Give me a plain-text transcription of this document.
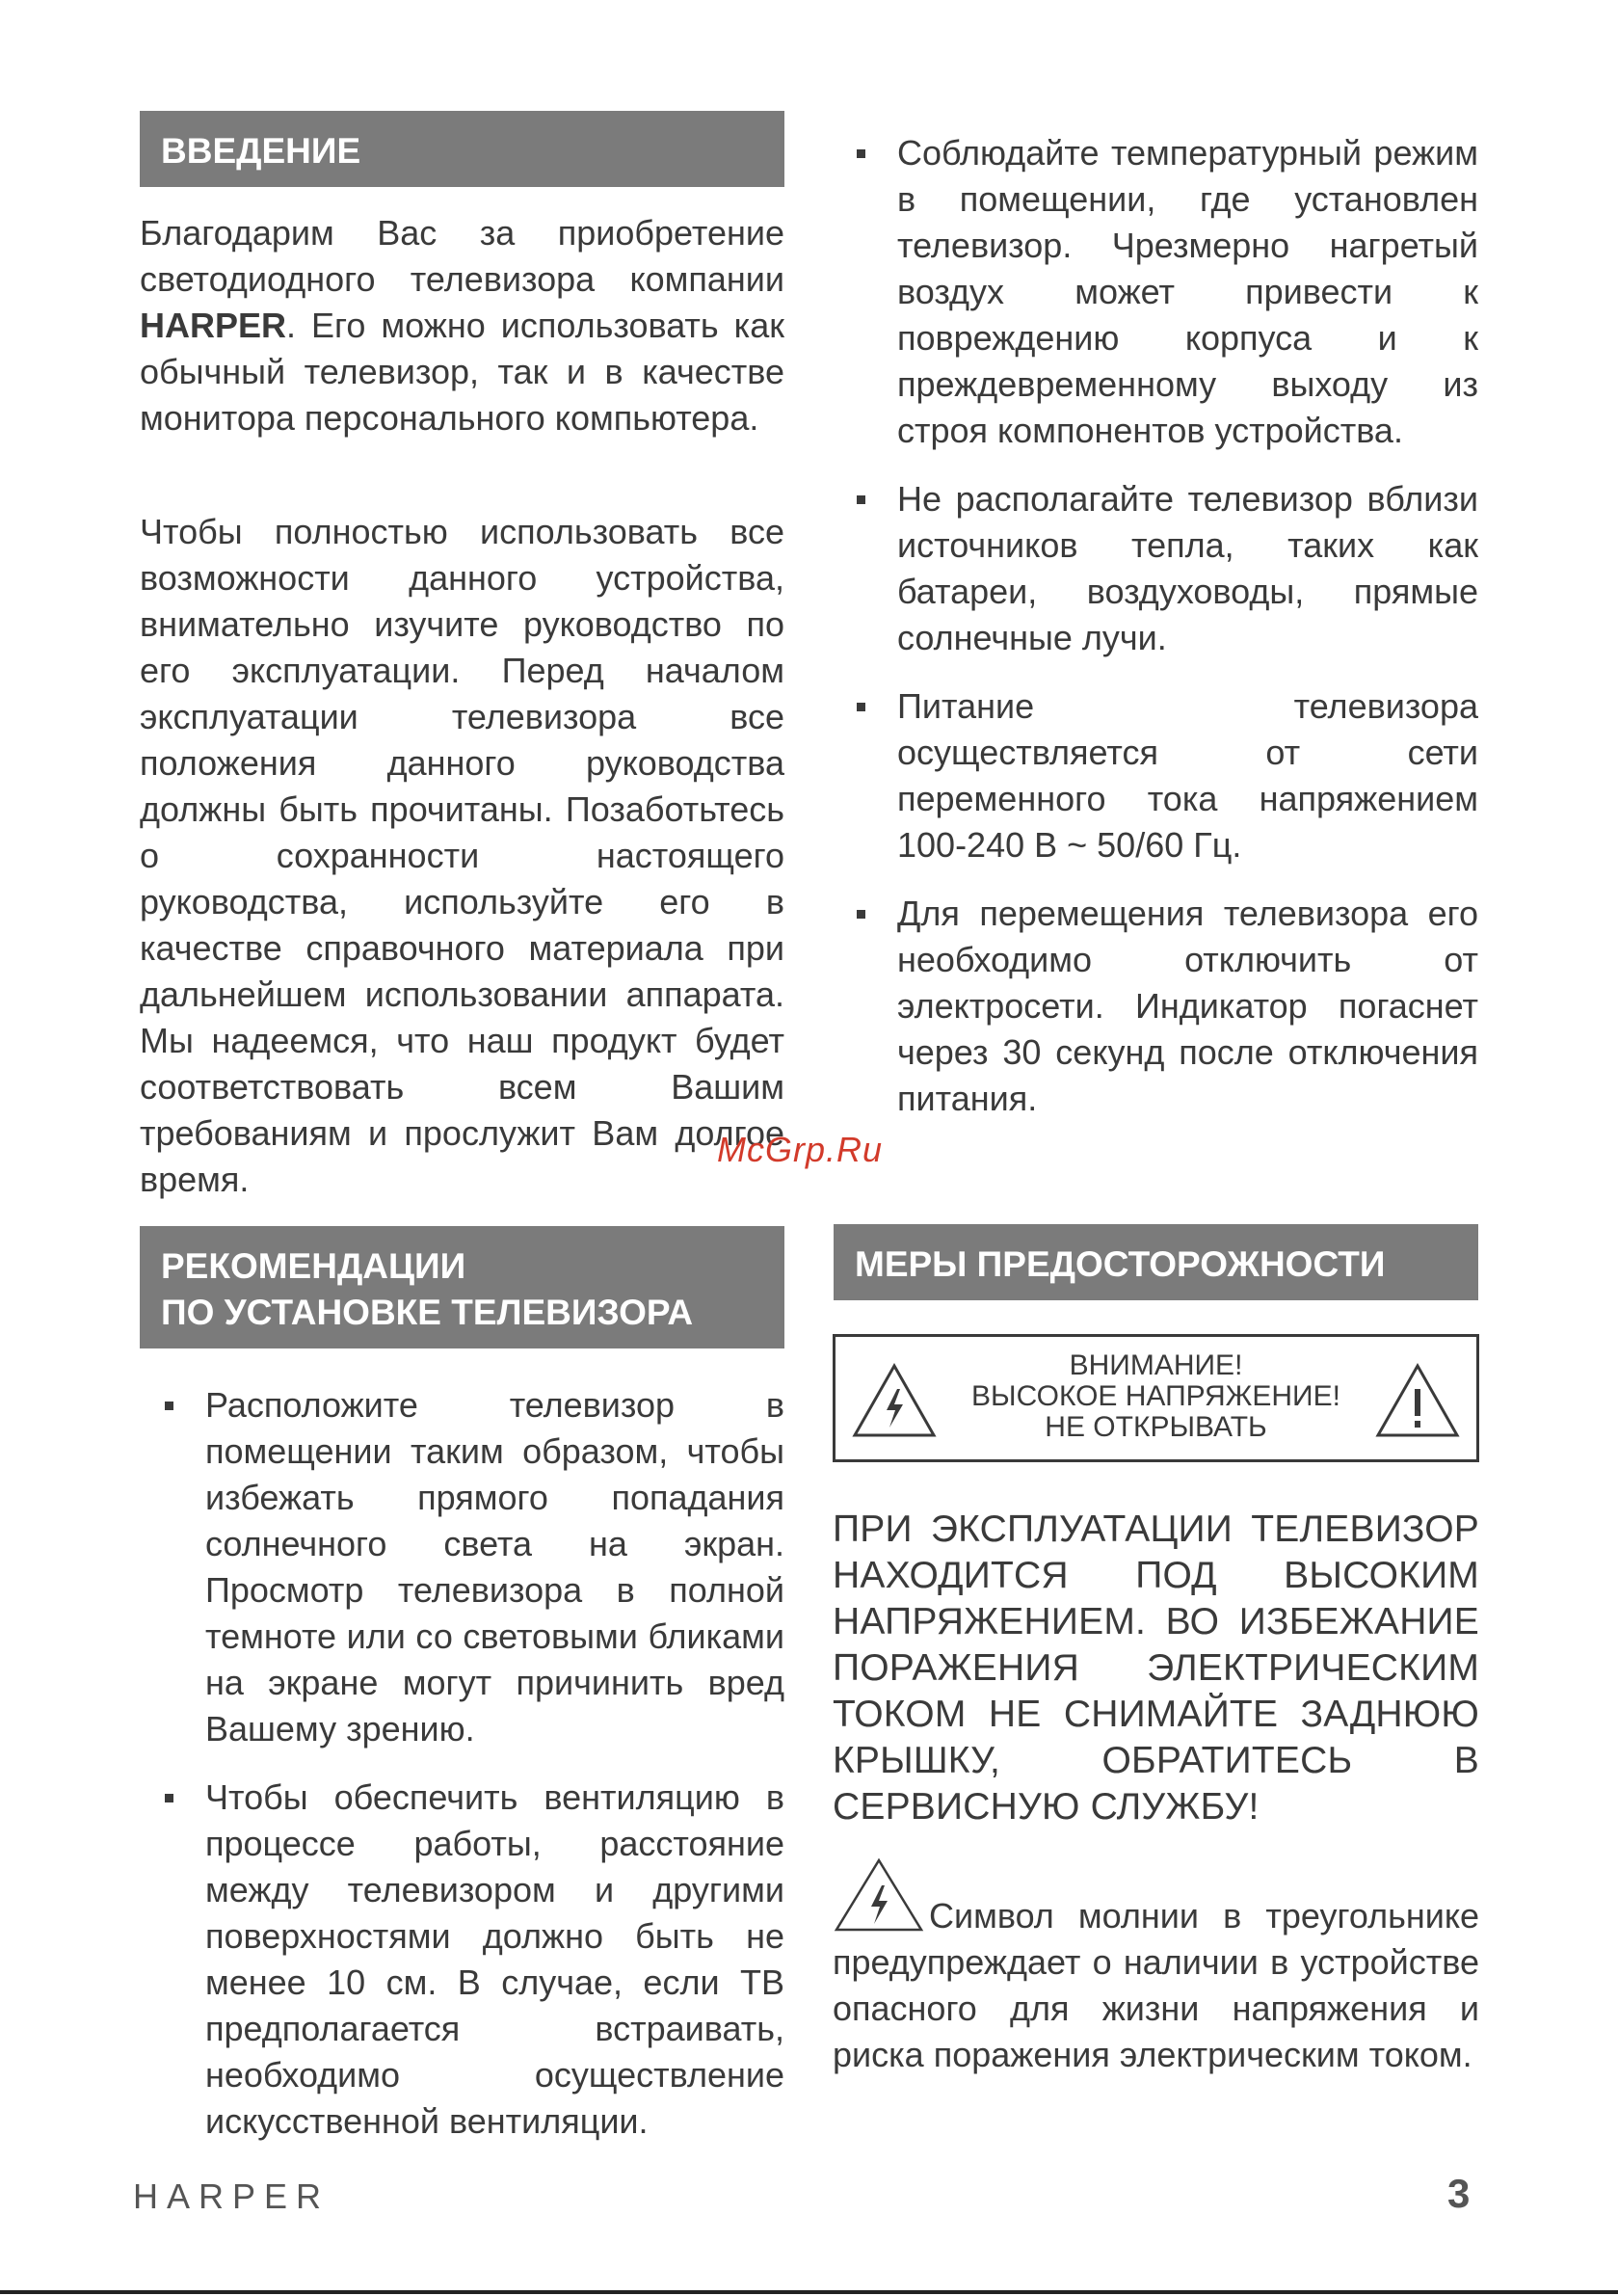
ВВЕДЕНИЕ

Благодарим Вас за приобретение светодиодного телевизора компании HARPER. Его можно использовать как обычный телевизор, так и в качестве монитора персонального компьютера.

Чтобы полностью использовать все возможности данного устройства, внимательно изучите руководство по его эксплуатации. Перед началом эксплуатации телевизора все положения данного руководства должны быть прочитаны. Позаботьтесь о сохранности настоящего руководства, используйте его в качестве справочного материала при дальнейшем использовании аппарата. Мы надеемся, что наш продукт будет соответствовать всем Вашим требованиям и прослужит Вам долгое время.

Соблюдайте температурный режим в помещении, где установлен телевизор. Чрезмерно нагретый воздух может привести к повреждению корпуса и к преждевременному выходу из строя компонентов устройства.
Не располагайте телевизор вблизи источников тепла, таких как батареи, воздуховоды, прямые солнечные лучи.
Питание телевизора осуществляется от сети переменного тока напряжением 100-240 В ~ 50/60 Гц.
Для перемещения телевизора его необходимо отключить от электросети. Индикатор погаснет через 30 секунд после отключения питания.
McGrp.Ru
РЕКОМЕНДАЦИИ
ПО УСТАНОВКЕ ТЕЛЕВИЗОРА
Расположите телевизор в помещении таким образом, чтобы избежать прямого попадания солнечного света на экран. Просмотр телевизора в полной темноте или со световыми бликами на экране могут причинить вред Вашему зрению.
Чтобы обеспечить вентиляцию в процессе работы, расстояние между телевизором и другими поверхностями должно быть не менее 10 см. В случае, если ТВ предполагается встраивать, необходимо осуществление искусственной вентиляции.
МЕРЫ ПРЕДОСТОРОЖНОСТИ
ВНИМАНИЕ!
ВЫСОКОЕ НАПРЯЖЕНИЕ!
НЕ ОТКРЫВАТЬ

ПРИ ЭКСПЛУАТАЦИИ ТЕЛЕВИЗОР НАХОДИТСЯ ПОД ВЫСОКИМ НАПРЯЖЕНИЕМ. ВО ИЗБЕЖАНИЕ ПОРАЖЕНИЯ ЭЛЕКТРИЧЕСКИМ ТОКОМ НЕ СНИМАЙТЕ ЗАДНЮЮ КРЫШКУ, ОБРАТИТЕСЬ В СЕРВИСНУЮ СЛУЖБУ!

Символ молнии в треугольнике предупреждает о наличии в устройстве опасного для жизни напряжения и риска поражения электрическим током.

HARPER	3
